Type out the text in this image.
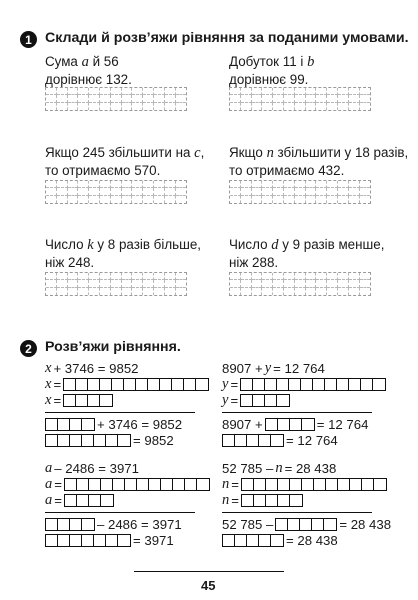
1 Склади й розв’яжи рівняння за поданими умовами.
Сума a й 56
дорівнює 132.
Добуток 11 і b
дорівнює 99.
Якщо 245 збільшити на c,
то отримаємо 570.
Якщо n збільшити у 18 разів,
то отримаємо 432.
Число k у 8 разів більше,
ніж 248.
Число d у 9 разів менше,
ніж 288.
2 Розв’яжи рівняння.
x + 3746 = 9852
x =
x =
+ 3746 = 9852
= 9852
8907 + y = 12 764
y =
y =
8907 +	= 12 764
= 12 764
a – 2486 = 3971
a =
a =
– 2486 = 3971
= 3971
52 785 – n = 28 438
n =
n =
52 785 –	= 28 438
= 28 438
45
